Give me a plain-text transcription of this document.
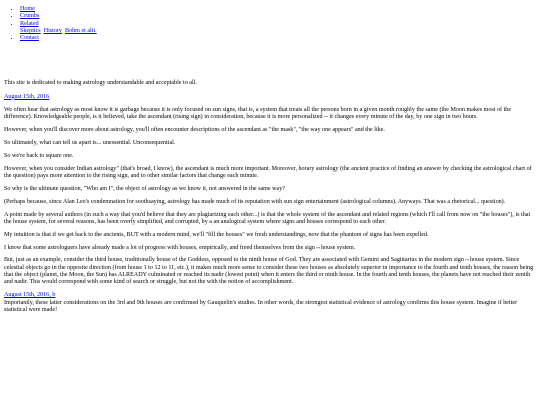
• Home
• Crumbs
• Related
Skeptics History Bohm et alii.
• Contact

This site is dedicated to making astrology understandable and acceptable to all.

August 15th, 2016

We often hear that astrology as most know it is garbage because it is only focused on sun signs, that is, a system that treats all the persons born in a given month roughly the same (the Moon makes most of the difference). Knowledgeable people, is it believed, take the ascendant (rising sign) in consideration, because it is more personalized -- it changes every minute of the day, by one sign in two hours.

However, when you'll discover more about astrology, you'll often encounter descriptions of the ascendant as "the mask", "the way one appears" and the like.

So ultimately, what can tell us apart is... unessential. Unconsequential.

So we're back to square one.

However, when you consider Indian astrology" (that's broad, I know), the ascendant is much more important. Moreover, horary astrology (the ancient practice of finding an answer by checking the astrological chart of the question) pays more attention to the rising sign, and to other similar factors that change each minute.

So why is the ultimate question, "Who am I", the object of astrology as we know it, not answered in the same way?

(Perhaps because, since Alan Leo's condemnation for soothsaying, astrology has made much of its reputation with sun sign entertainment (astrological columns). Anyways. That was a rhetorical... question).

A point made by several authors (in such a way that you'd believe that they are plagiarizing each other...) is that the whole system of the ascendant and related regions (which I'll call from now on "the houses"), is that the house system, for several reasons, has been overly simplified, and corrupted, by a an analogical system where signs and houses correspond to each other.

My intuition is that if we get back to the ancients, BUT with a modern mind, we'll "fill the houses" we fresh understandings, now that the phantom of signs has been expelled.

I know that some astrologuers have already made a lot of progress with houses, empirically, and freed themselves from the sign↔house system.

But, just as an example, consider the third house, traditionally house of the Goddess, opposed to the ninth house of God. They are associated with Gemini and Sagittarius in the modern sign↔house system. Since celestial objects go in the opposite direction (from house 1 to 12 to 11, etc.), it makes much more sense to consider these two houses as absolutely superior in importance to the fourth and tenth houses, the reason being that the object (planet, the Moon, the Sun) has ALREADY culminated or reached its nadir (lowest point) when it enters the third or ninth house. In the fourth and tenth houses, the planets have not reached their zenith and nadir. This would correspond with some kind of search or struggle, but not the with the notion of accomplishment.

August 15th, 2016, b

Importantly, these latter considerations on the 3rd and 9th houses are confirmed by Gauquelin's studies. In other words, the strongest statistical evidence of astrology confirms this house system. Imagine if better statistical were made!
